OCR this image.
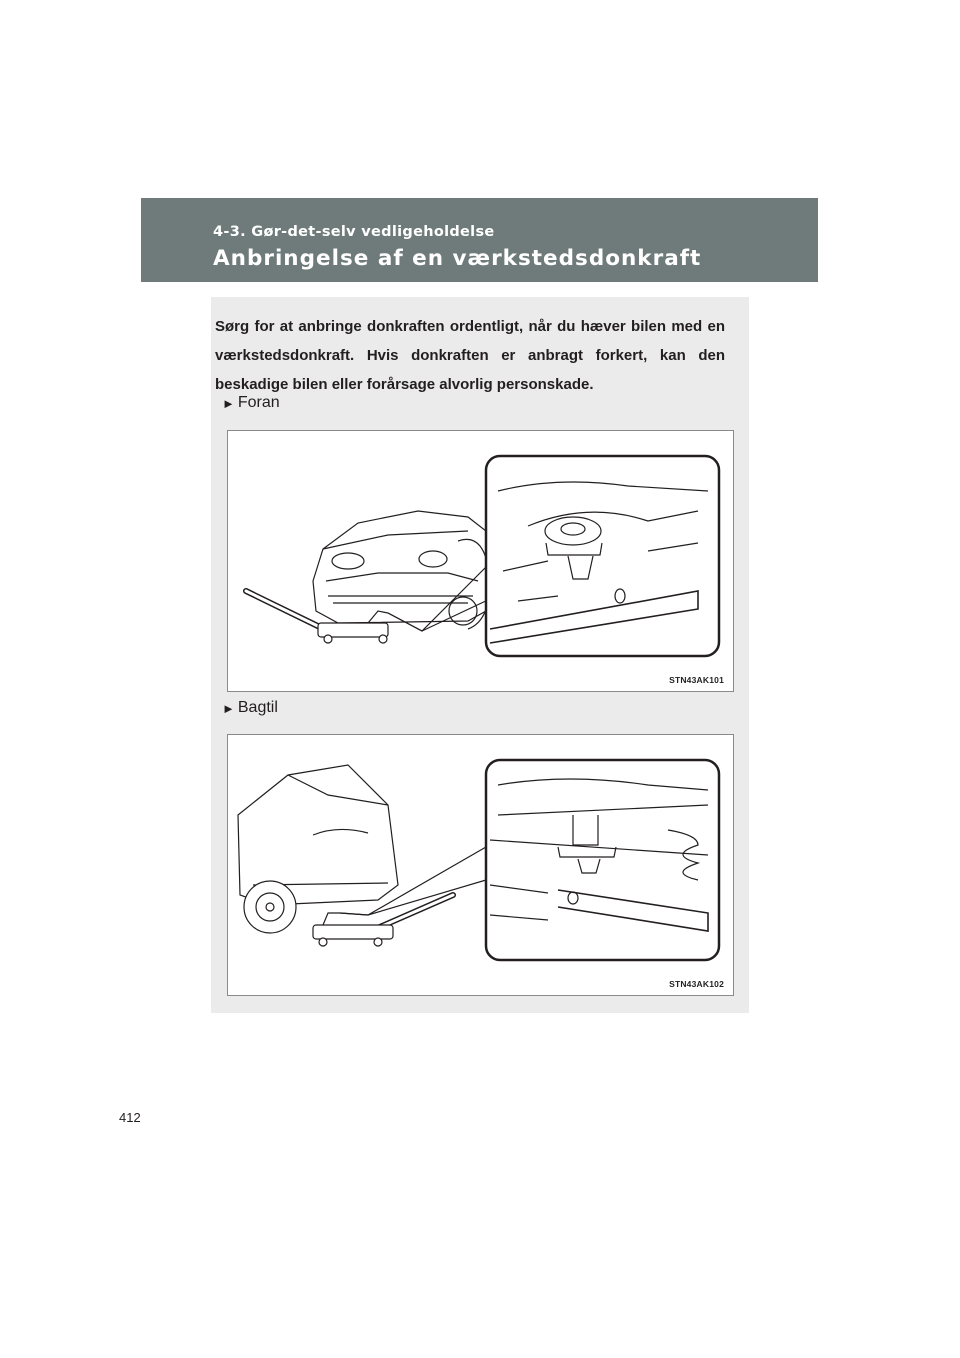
4-3. Gør-det-selv vedligeholdelse
Anbringelse af en værkstedsdonkraft
Sørg for at anbringe donkraften ordentligt, når du hæver bilen med en værkstedsdonkraft. Hvis donkraften er anbragt forkert, kan den beskadige bilen eller forårsage alvorlig personskade.
► Foran
STN43AK101
► Bagtil
STN43AK102
412
